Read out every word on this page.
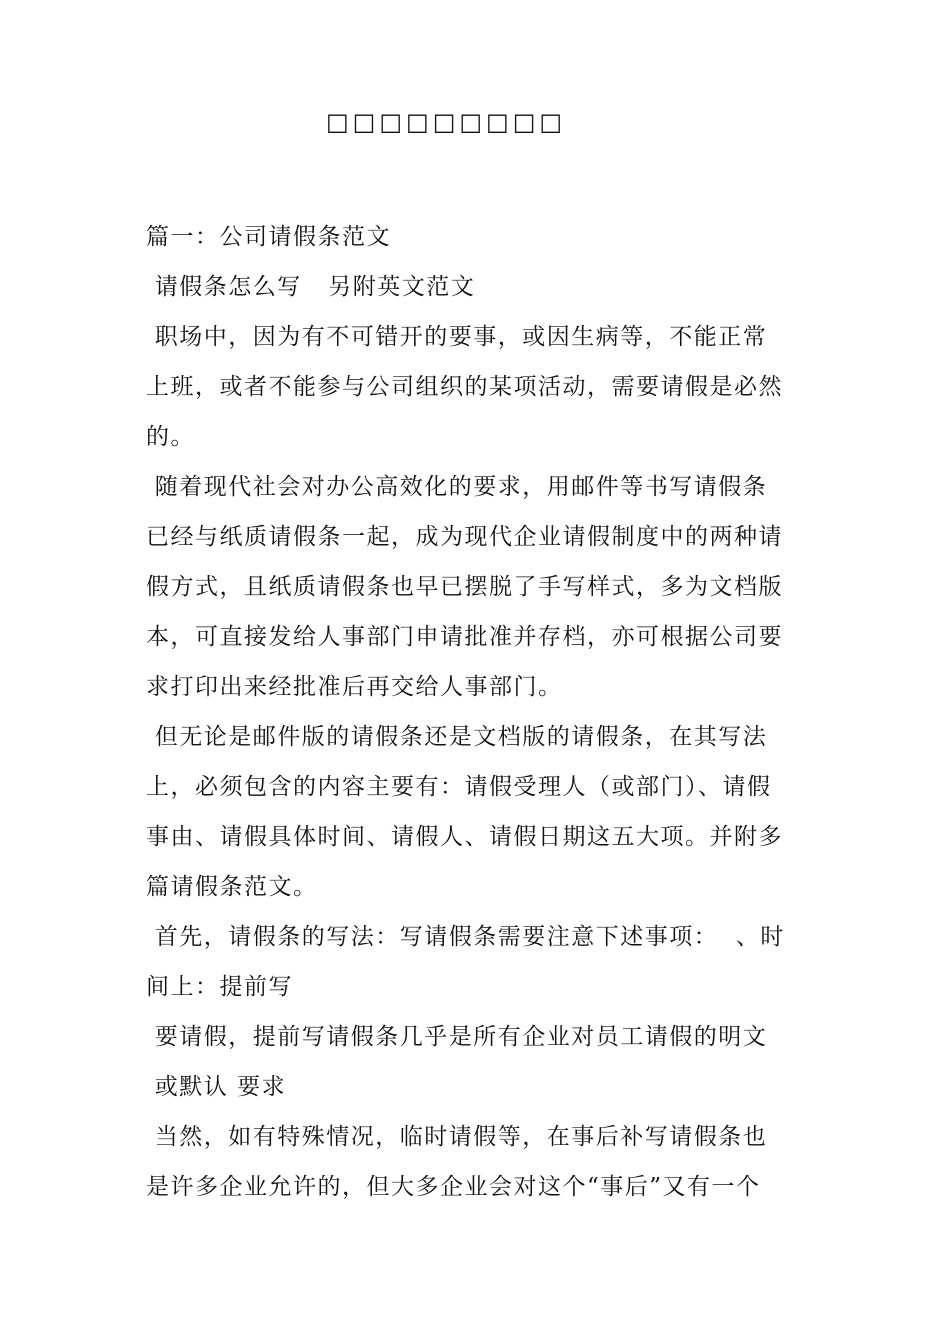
□□□□□□□□□
篇一：公司请假条范文
请假条怎么写   另附英文范文
职场中，因为有不可错开的要事，或因生病等，不能正常
上班，或者不能参与公司组织的某项活动，需要请假是必然
的。
随着现代社会对办公高效化的要求，用邮件等书写请假条
已经与纸质请假条一起，成为现代企业请假制度中的两种请
假方式，且纸质请假条也早已摆脱了手写样式，多为文档版
本，可直接发给人事部门申请批准并存档，亦可根据公司要
求打印出来经批准后再交给人事部门。
但无论是邮件版的请假条还是文档版的请假条，在其写法
上，必须包含的内容主要有：请假受理人（或部门）、请假
事由、请假具体时间、请假人、请假日期这五大项。并附多
篇请假条范文。
首先，请假条的写法：写请假条需要注意下述事项：  、时
间上：提前写
要请假，提前写请假条几乎是所有企业对员工请假的明文
或默认 要求
当然，如有特殊情况，临时请假等，在事后补写请假条也
是许多企业允许的，但大多企业会对这个“事后”又有一个
